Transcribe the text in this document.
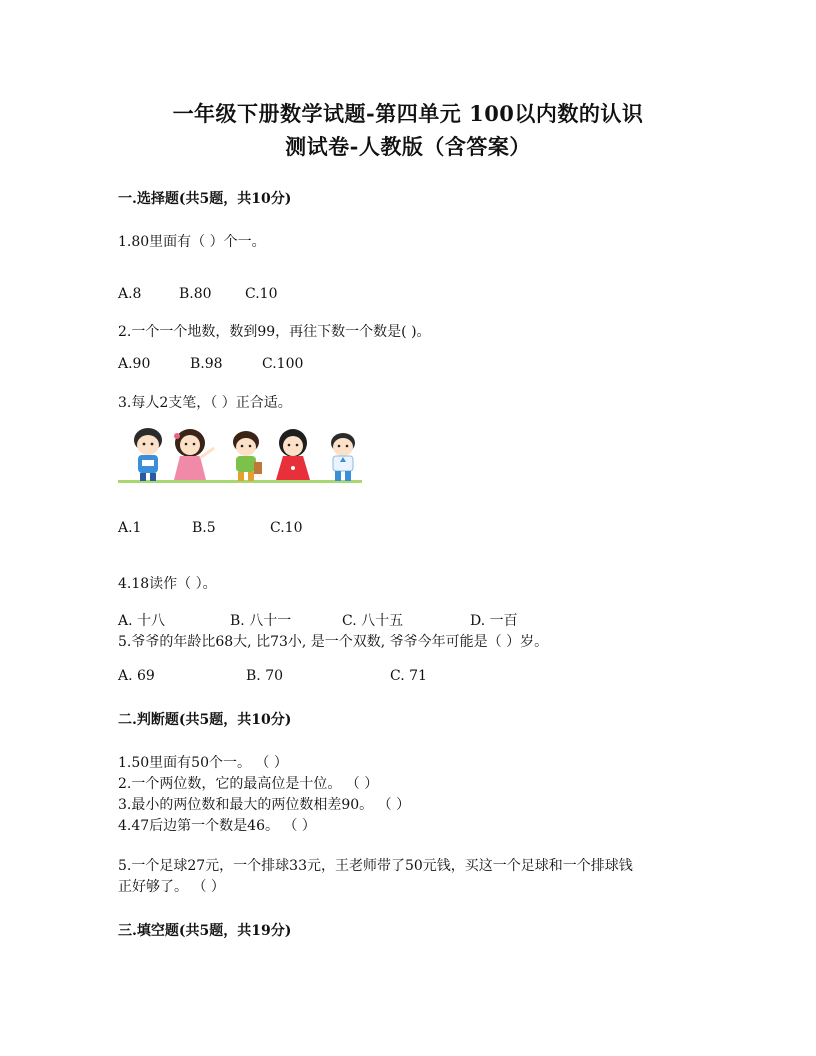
一年级下册数学试题-第四单元 100以内数的认识
测试卷-人教版（含答案）
一.选择题(共5题，共10分)
1.80里面有（ ）个一。
A.8	B.80 C.10
2.一个一个地数，数到99，再往下数一个数是( )。
A.90	B.98	C.100
3.每人2支笔，（ ）正合适。
A.1	B.5	C.10
4.18读作（ ）。
A. 十八	B. 八十一	C. 八十五	D. 一百
5.爷爷的年龄比68大, 比73小, 是一个双数, 爷爷今年可能是（ ）岁。
A. 69	B. 70	C. 71
二.判断题(共5题，共10分)
1.50里面有50个一。 （ ）
2.一个两位数，它的最高位是十位。 （ ）
3.最小的两位数和最大的两位数相差90。 （ ）
4.47后边第一个数是46。 （ ）
5.一个足球27元，一个排球33元，王老师带了50元钱，买这一个足球和一个排球钱
正好够了。 （ ）
三.填空题(共5题，共19分)
